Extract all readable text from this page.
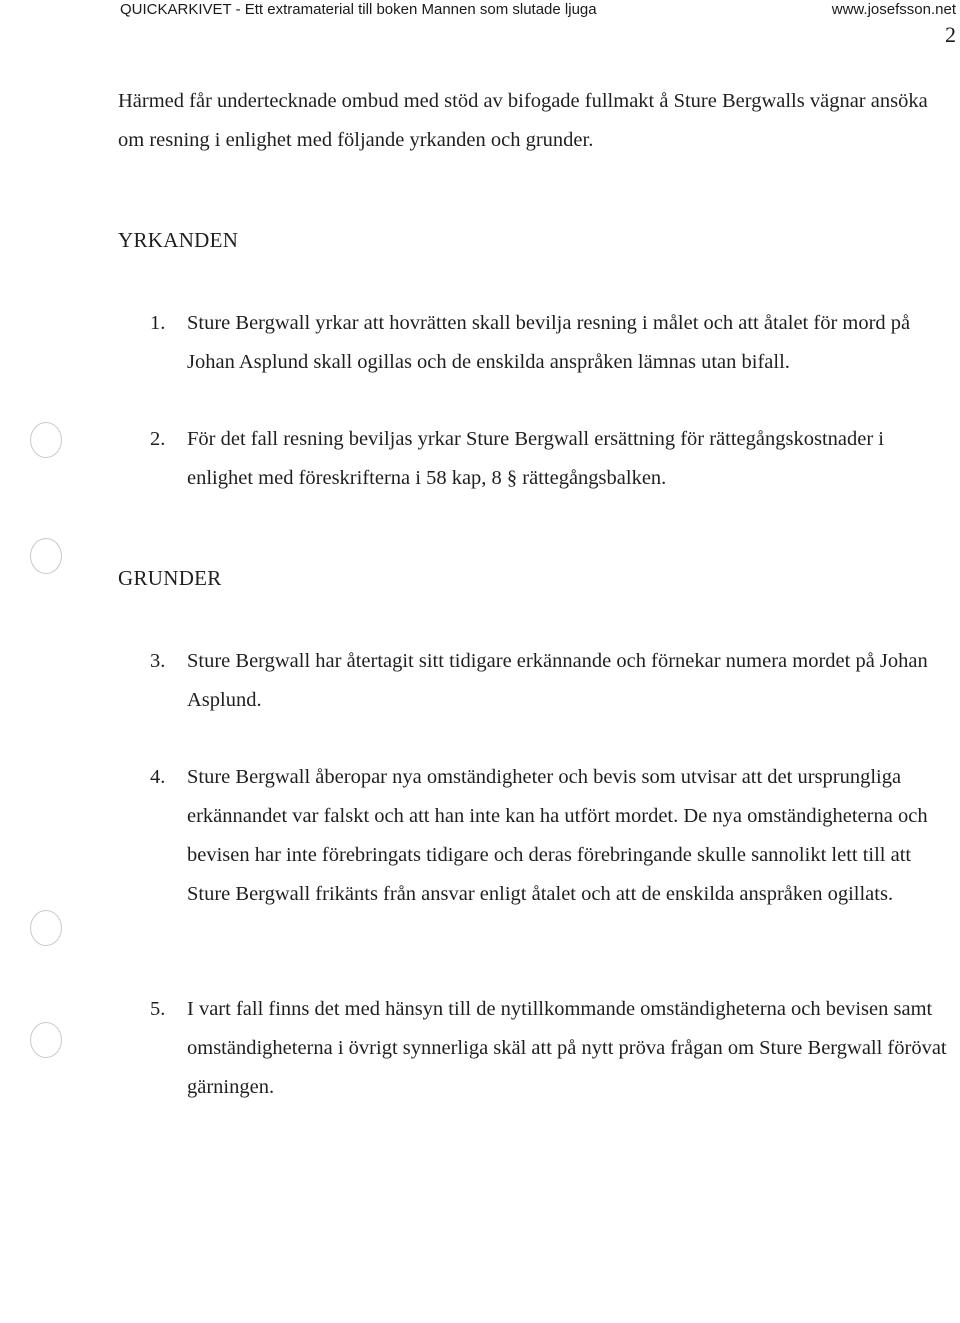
QUICKARKIVET - Ett extramaterial till boken Mannen som slutade ljuga	www.josefsson.net
2

Härmed får undertecknade ombud med stöd av bifogade fullmakt å Sture Bergwalls vägnar ansöka om resning i enlighet med följande yrkanden och grunder.

YRKANDEN
1. Sture Bergwall yrkar att hovrätten skall bevilja resning i målet och att åtalet för mord på Johan Asplund skall ogillas och de enskilda anspråken lämnas utan bifall.
2. För det fall resning beviljas yrkar Sture Bergwall ersättning för rättegångskostnader i enlighet med föreskrifterna i 58 kap, 8 § rättegångsbalken.
GRUNDER
3. Sture Bergwall har återtagit sitt tidigare erkännande och förnekar numera mordet på Johan Asplund.
4. Sture Bergwall åberopar nya omständigheter och bevis som utvisar att det ursprungliga erkännandet var falskt och att han inte kan ha utfört mordet. De nya omständigheterna och bevisen har inte förebringats tidigare och deras förebringande skulle sannolikt lett till att Sture Bergwall frikänts från ansvar enligt åtalet och att de enskilda anspråken ogillats.
5. I vart fall finns det med hänsyn till de nytillkommande omständigheterna och bevisen samt omständigheterna i övrigt synnerliga skäl att på nytt pröva frågan om Sture Bergwall förövat gärningen.
